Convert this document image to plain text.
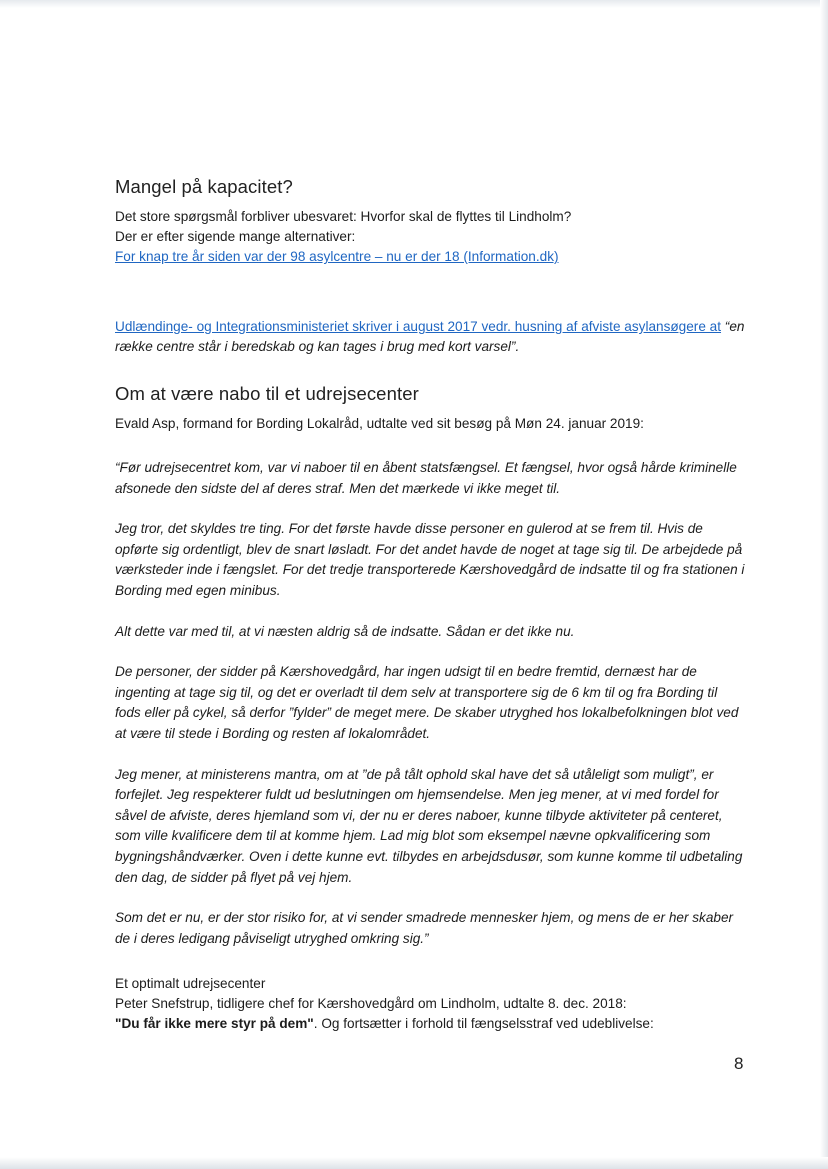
Mangel på kapacitet?

Det store spørgsmål forbliver ubesvaret: Hvorfor skal de flyttes til Lindholm?

Der er efter sigende mange alternativer:

For knap tre år siden var der 98 asylcentre – nu er der 18 (Information.dk)

Udlændinge- og Integrationsministeriet skriver i august 2017 vedr. husning af afviste asylansøgere at “en række centre står i beredskab og kan tages i brug med kort varsel”.

Om at være nabo til et udrejsecenter

Evald Asp, formand for Bording Lokalråd, udtalte ved sit besøg på Møn 24. januar 2019:

“Før udrejsecentret kom, var vi naboer til en åbent statsfængsel. Et fængsel, hvor også hårde kriminelle afsonede den sidste del af deres straf. Men det mærkede vi ikke meget til.

Jeg tror, det skyldes tre ting. For det første havde disse personer en gulerod at se frem til. Hvis de opførte sig ordentligt, blev de snart løsladt. For det andet havde de noget at tage sig til. De arbejdede på værksteder inde i fængslet. For det tredje transporterede Kærshovedgård de indsatte til og fra stationen i Bording med egen minibus.

Alt dette var med til, at vi næsten aldrig så de indsatte. Sådan er det ikke nu.

De personer, der sidder på Kærshovedgård, har ingen udsigt til en bedre fremtid, dernæst har de ingenting at tage sig til, og det er overladt til dem selv at transportere sig de 6 km til og fra Bording til fods eller på cykel, så derfor ”fylder” de meget mere. De skaber utryghed hos lokalbefolkningen blot ved at være til stede i Bording og resten af lokalområdet.

Jeg mener, at ministerens mantra, om at ”de på tålt ophold skal have det så utåleligt som muligt”, er forfejlet. Jeg respekterer fuldt ud beslutningen om hjemsendelse. Men jeg mener, at vi med fordel for såvel de afviste, deres hjemland som vi, der nu er deres naboer, kunne tilbyde aktiviteter på centeret, som ville kvalificere dem til at komme hjem. Lad mig blot som eksempel nævne opkvalificering som bygningshåndværker. Oven i dette kunne evt. tilbydes en arbejdsdusør, som kunne komme til udbetaling den dag, de sidder på flyet på vej hjem.

Som det er nu, er der stor risiko for, at vi sender smadrede mennesker hjem, og mens de er her skaber de i deres ledigang påviseligt utryghed omkring sig.”

Et optimalt udrejsecenter

Peter Snefstrup, tidligere chef for Kærshovedgård om Lindholm, udtalte 8. dec. 2018:

"Du får ikke mere styr på dem". Og fortsætter i forhold til fængselsstraf ved udeblivelse:

8
